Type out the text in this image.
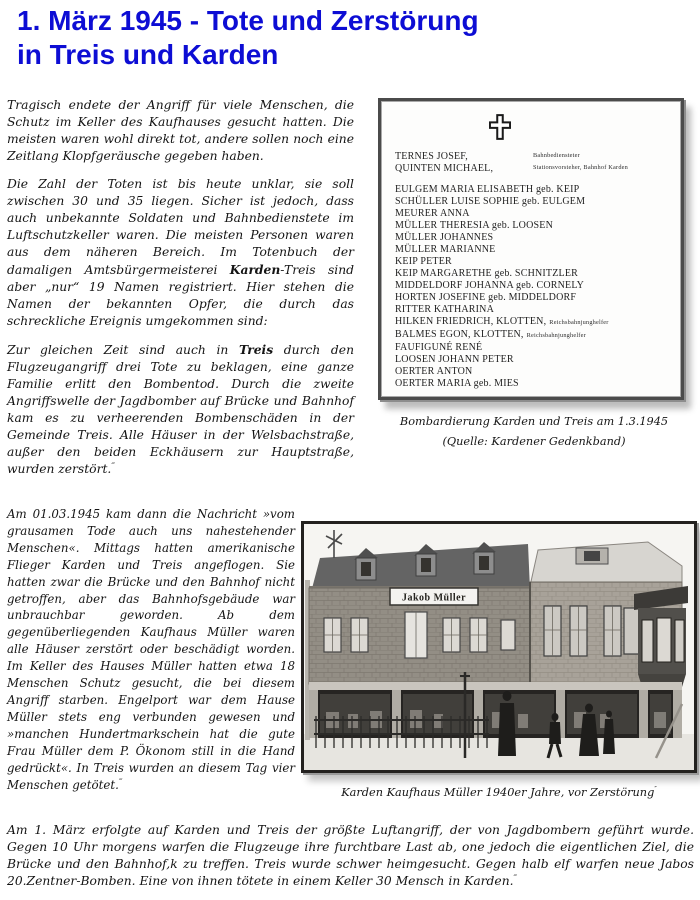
1. März 1945 - Tote und Zerstörung
in Treis und Karden

Tragisch endete der Angriff für viele Menschen, die Schutz im Keller des Kaufhauses gesucht hatten. Die meisten waren wohl direkt tot, andere sollen noch eine Zeitlang Klopfgeräusche gegeben haben.

Die Zahl der Toten ist bis heute unklar, sie soll zwischen 30 und 35 liegen. Sicher ist jedoch, dass auch unbekannte Soldaten und Bahnbedienstete im Luftschutzkeller waren. Die meisten Personen waren aus dem näheren Bereich. Im Totenbuch der damaligen Amtsbürgermeisterei Karden-Treis sind aber „nur“ 19 Namen registriert. Hier stehen die Namen der bekannten Opfer, die durch das schreckliche Ereignis umgekommen sind:

Zur gleichen Zeit sind auch in Treis durch den Flugzeugangriff drei Tote zu beklagen, eine ganze Familie erlitt den Bombentod. Durch die zweite Angriffswelle der Jagdbomber auf Brücke und Bahnhof kam es zu verheerenden Bombenschäden in der Gemeinde Treis. Alle Häuser in der Welsbachstraße, außer den beiden Eckhäusern zur Hauptstraße, wurden zerstört.‴

TERNES JOSEF,	Bahnbediensteter
QUINTEN MICHAEL,	Stationsvorsteher, Bahnhof Karden
EULGEM MARIA ELISABETH geb. KEIP
SCHÜLLER LUISE SOPHIE geb. EULGEM
MEURER ANNA
MÜLLER THERESIA geb. LOOSEN
MÜLLER JOHANNES
MÜLLER MARIANNE
KEIP PETER
KEIP MARGARETHE geb. SCHNITZLER
MIDDELDORF JOHANNA geb. CORNELY
HORTEN JOSEFINE geb. MIDDELDORF
RITTER KATHARINA
HILKEN FRIEDRICH, KLOTTEN, Reichsbahnjunghelfer
BALMES EGON, KLOTTEN, Reichsbahnjunghelfer
FAUFIGUNÉ RENÉ
LOOSEN JOHANN PETER
OERTER ANTON
OERTER MARIA geb. MIES
Bombardierung Karden und Treis am 1.3.1945
(Quelle: Kardener Gedenkband)

Am 01.03.1945 kam dann die Nachricht »vom grausamen Tode auch uns nahestehender Menschen«. Mittags hatten amerikanische Flieger Karden und Treis angeflogen. Sie hatten zwar die Brücke und den Bahnhof nicht getroffen, aber das Bahnhofsgebäude war unbrauchbar geworden. Ab dem gegenüberliegenden Kaufhaus Müller waren alle Häuser zerstört oder beschädigt worden. Im Keller des Hauses Müller hatten etwa 18 Menschen Schutz gesucht, die bei diesem Angriff starben. Engelport war dem Hause Müller stets eng verbunden gewesen und »manchen Hundertmarkschein hat die gute Frau Müller dem P. Ökonom still in die Hand gedrückt«. In Treis wurden an diesem Tag vier Menschen getötet.‴

Jakob Müller
Karden Kaufhaus Müller 1940er Jahre, vor Zerstörung″

Am 1. März erfolgte auf Karden und Treis der größte Luftangriff, der von Jagdbombern geführt wurde. Gegen 10 Uhr morgens warfen die Flugzeuge ihre furchtbare Last ab, one jedoch die eigentlichen Ziel, die Brücke und den Bahnhof,k zu treffen. Treis wurde schwer heimgesucht. Gegen halb elf warfen neue Jabos 20.Zentner-Bomben. Eine von ihnen tötete in einem Keller 30 Mensch in Karden.‴
